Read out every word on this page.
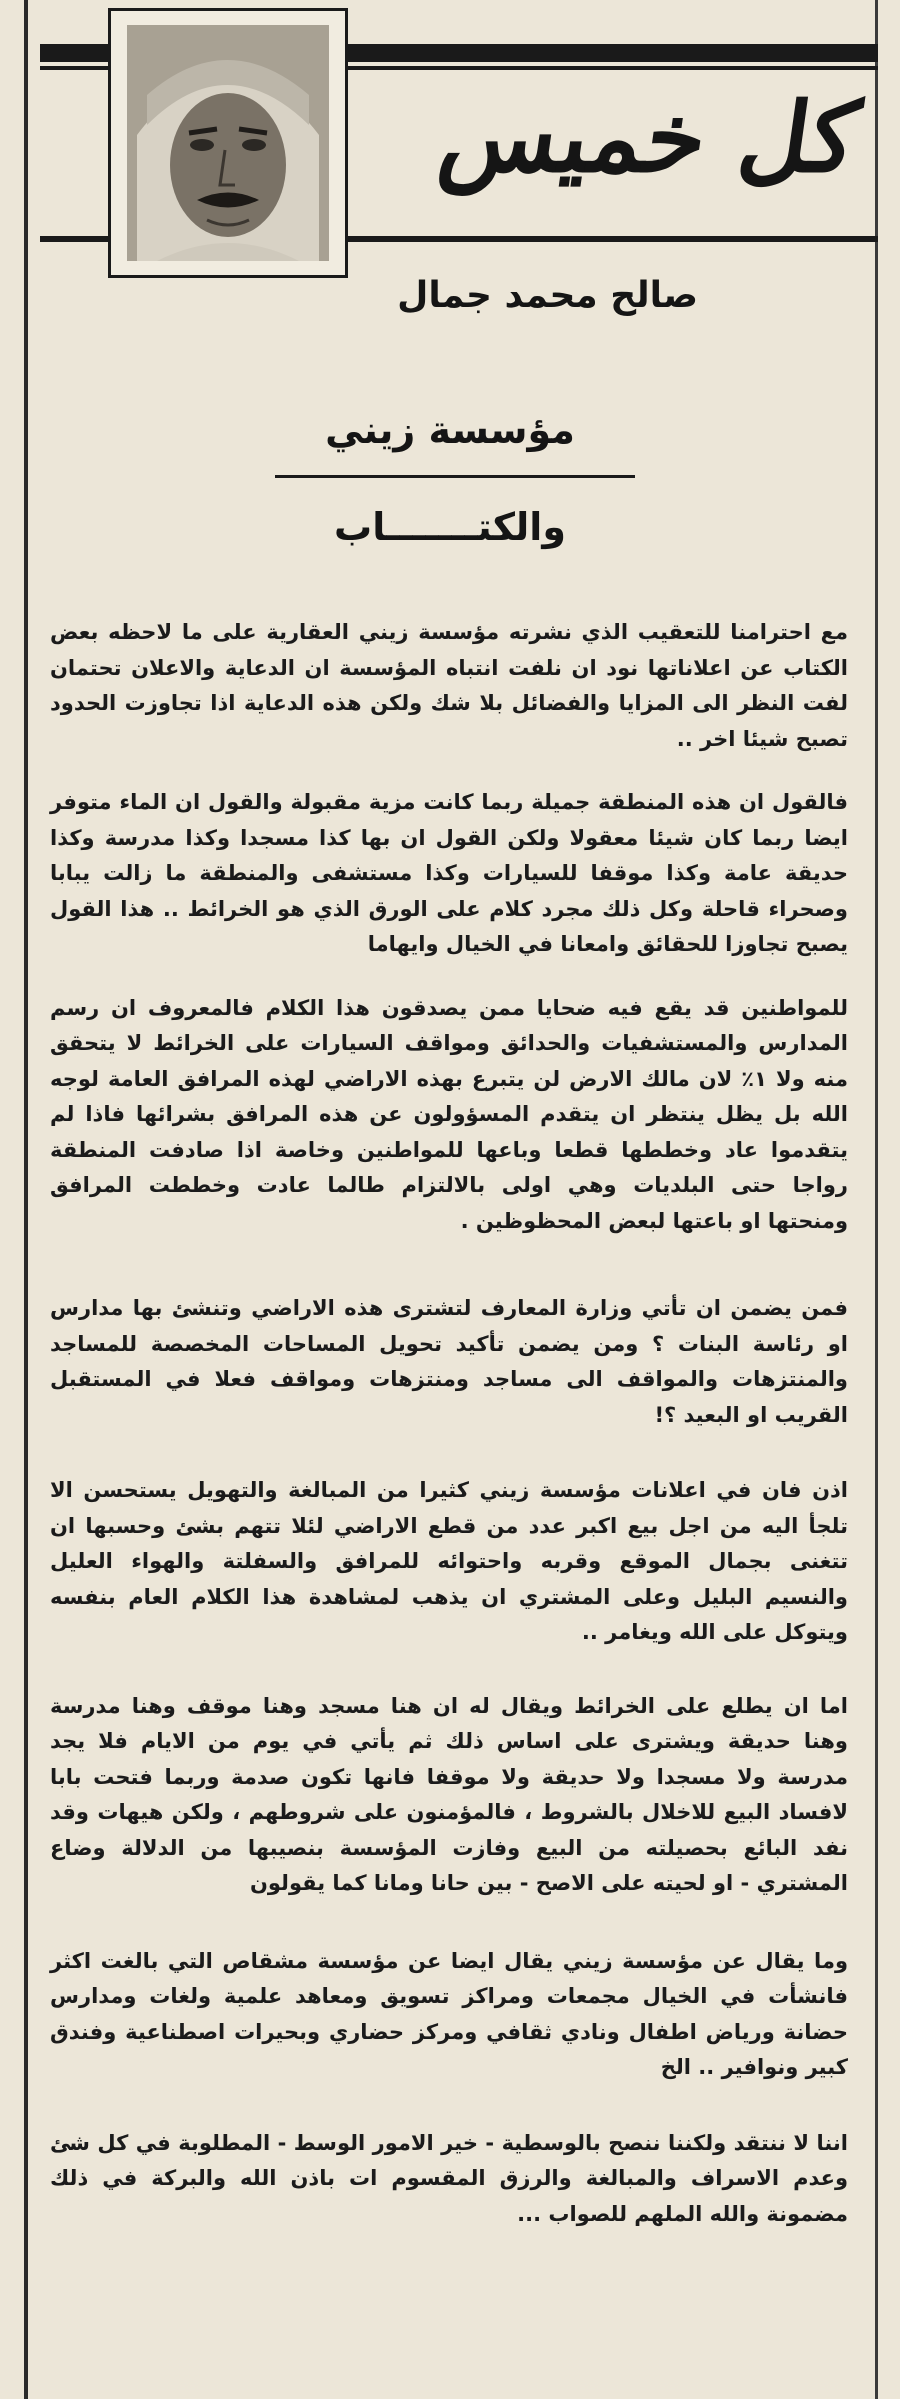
كل خميس
صالح محمد جمال
مؤسسة زيني
والكتـــــــاب

مع احترامنا للتعقيب الذي نشرته مؤسسة زيني العقارية على ما لاحظه بعض الكتاب عن اعلاناتها نود ان نلفت انتباه المؤسسة ان الدعاية والاعلان تحتمان لفت النظر الى المزايا والفضائل بلا شك ولكن هذه الدعاية اذا تجاوزت الحدود تصبح شيئا اخر ..

فالقول ان هذه المنطقة جميلة ربما كانت مزية مقبولة والقول ان الماء متوفر ايضا ربما كان شيئا معقولا ولكن القول ان بها كذا مسجدا وكذا مدرسة وكذا حديقة عامة وكذا موقفا للسيارات وكذا مستشفى والمنطقة ما زالت يبابا وصحراء قاحلة وكل ذلك مجرد كلام على الورق الذي هو الخرائط .. هذا القول يصبح تجاوزا للحقائق وامعانا في الخيال وايهاما

للمواطنين قد يقع فيه ضحايا ممن يصدقون هذا الكلام فالمعروف ان رسم المدارس والمستشفيات والحدائق ومواقف السيارات على الخرائط لا يتحقق منه ولا ١٪ لان مالك الارض لن يتبرع بهذه الاراضي لهذه المرافق العامة لوجه الله بل يظل ينتظر ان يتقدم المسؤولون عن هذه المرافق بشرائها فاذا لم يتقدموا عاد وخططها قطعا وباعها للمواطنين وخاصة اذا صادفت المنطقة رواجا حتى البلديات وهي اولى بالالتزام طالما عادت وخططت المرافق ومنحتها او باعتها لبعض المحظوظين .

فمن يضمن ان تأتي وزارة المعارف لتشترى هذه الاراضي وتنشئ بها مدارس او رئاسة البنات ؟ ومن يضمن تأكيد تحويل المساحات المخصصة للمساجد والمنتزهات والمواقف الى مساجد ومنتزهات ومواقف فعلا في المستقبل القريب او البعيد ؟!

اذن فان في اعلانات مؤسسة زيني كثيرا من المبالغة والتهويل يستحسن الا تلجأ اليه من اجل بيع اكبر عدد من قطع الاراضي لئلا تتهم بشئ وحسبها ان تتغنى بجمال الموقع وقربه واحتوائه للمرافق والسفلتة والهواء العليل والنسيم البليل وعلى المشتري ان يذهب لمشاهدة هذا الكلام العام بنفسه ويتوكل على الله ويغامر ..

اما ان يطلع على الخرائط ويقال له ان هنا مسجد وهنا موقف وهنا مدرسة وهنا حديقة ويشترى على اساس ذلك ثم يأتي في يوم من الايام فلا يجد مدرسة ولا مسجدا ولا حديقة ولا موقفا فانها تكون صدمة وربما فتحت بابا لافساد البيع للاخلال بالشروط ، فالمؤمنون على شروطهم ، ولكن هيهات وقد نفد البائع بحصيلته من البيع وفازت المؤسسة بنصيبها من الدلالة وضاع المشتري - او لحيته على الاصح - بين حانا ومانا كما يقولون

وما يقال عن مؤسسة زيني يقال ايضا عن مؤسسة مشقاص التي بالغت اكثر فانشأت في الخيال مجمعات ومراكز تسويق ومعاهد علمية ولغات ومدارس حضانة ورياض اطفال ونادي ثقافي ومركز حضاري وبحيرات اصطناعية وفندق كبير ونوافير .. الخ

اننا لا ننتقد ولكننا ننصح بالوسطية - خير الامور الوسط - المطلوبة في كل شئ وعدم الاسراف والمبالغة والرزق المقسوم ات باذن الله والبركة في ذلك مضمونة والله الملهم للصواب ...
